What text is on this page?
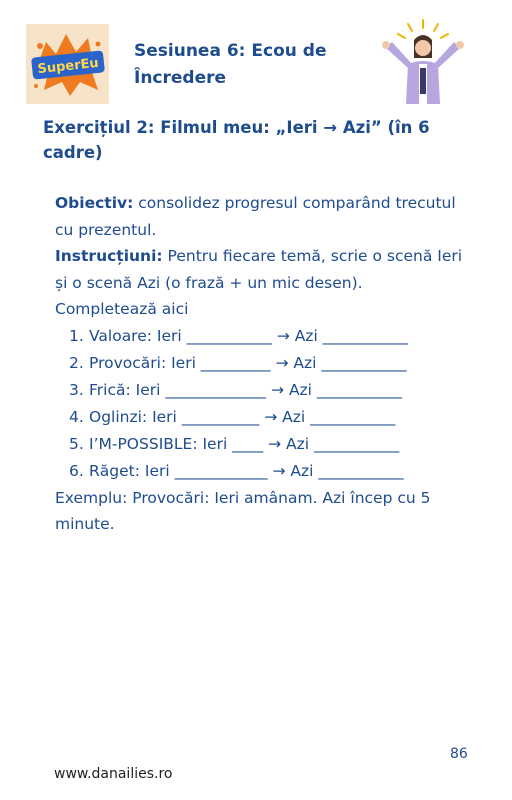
SuperEu
Sesiunea 6: Ecou de Încredere
Exercițiul 2: Filmul meu: „Ieri → Azi” (în 6 cadre)

Obiectiv: consolidez progresul comparând trecutul cu prezentul.

Instrucțiuni: Pentru fiecare temă, scrie o scenă Ieri și o scenă Azi (o frază + un mic desen).

Completează aici

1. Valoare: Ieri ___________ → Azi ___________
2. Provocări: Ieri _________ → Azi ___________
3. Frică: Ieri _____________ → Azi ___________
4. Oglinzi: Ieri __________ → Azi ___________
5. I’M-POSSIBLE: Ieri ____ → Azi ___________
6. Răget: Ieri ____________ → Azi ___________

Exemplu: Provocări: Ieri amânam. Azi încep cu 5 minute.

86
www.danailies.ro
